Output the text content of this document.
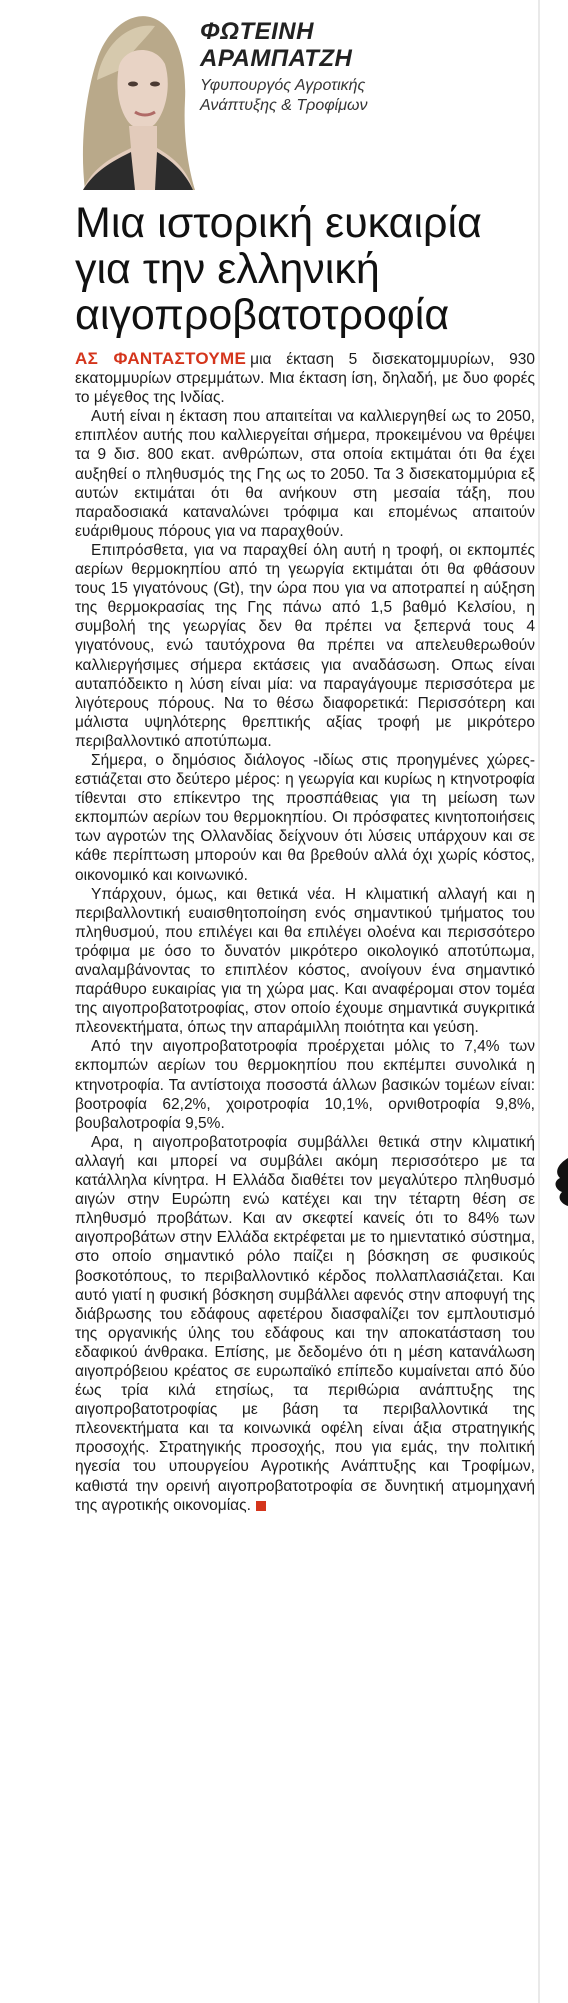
ΦΩΤΕΙΝΗ
ΑΡΑΜΠΑΤΖΗ
Υφυπουργός Αγροτικής
Ανάπτυξης & Τροφίμων
Μια ιστορική ευκαιρία
για την ελληνική
αιγοπροβατοτροφία

ΑΣ ΦΑΝΤΑΣΤΟΥΜΕ μια έκταση 5 δισεκατομμυρίων, 930 εκατομμυρίων στρεμμάτων. Μια έκταση ίση, δηλαδή, με δυο φορές το μέγεθος της Ινδίας.

Αυτή είναι η έκταση που απαιτείται να καλλιεργηθεί ως το 2050, επιπλέον αυτής που καλλιεργείται σήμερα, προκειμένου να θρέψει τα 9 δισ. 800 εκατ. ανθρώπων, στα οποία εκτιμάται ότι θα έχει αυξηθεί ο πληθυσμός της Γης ως το 2050. Τα 3 δισεκατομμύρια εξ αυτών εκτιμάται ότι θα ανήκουν στη μεσαία τάξη, που παραδοσιακά καταναλώνει τρόφιμα και επομένως απαιτούν ευάριθμους πόρους για να παραχθούν.

Επιπρόσθετα, για να παραχθεί όλη αυτή η τροφή, οι εκπομπές αερίων θερμοκηπίου από τη γεωργία εκτιμάται ότι θα φθάσουν τους 15 γιγατόνους (Gt), την ώρα που για να αποτραπεί η αύξηση της θερμοκρασίας της Γης πάνω από 1,5 βαθμό Κελσίου, η συμβολή της γεωργίας δεν θα πρέπει να ξεπερνά τους 4 γιγατόνους, ενώ ταυτόχρονα θα πρέπει να απελευθερωθούν καλλιεργήσιμες σήμερα εκτάσεις για αναδάσωση. Οπως είναι αυταπόδεικτο η λύση είναι μία: να παραγάγουμε περισσότερα με λιγότερους πόρους. Να το θέσω διαφορετικά: Περισσότερη και μάλιστα υψηλότερης θρεπτικής αξίας τροφή με μικρότερο περιβαλλοντικό αποτύπωμα.

Σήμερα, ο δημόσιος διάλογος -ιδίως στις προηγμένες χώρες- εστιάζεται στο δεύτερο μέρος: η γεωργία και κυρίως η κτηνοτροφία τίθενται στο επίκεντρο της προσπάθειας για τη μείωση των εκπομπών αερίων του θερμοκηπίου. Οι πρόσφατες κινητοποιήσεις των αγροτών της Ολλανδίας δείχνουν ότι λύσεις υπάρχουν και σε κάθε περίπτωση μπορούν και θα βρεθούν αλλά όχι χωρίς κόστος, οικονομικό και κοινωνικό.

Υπάρχουν, όμως, και θετικά νέα. Η κλιματική αλλαγή και η περιβαλλοντική ευαισθητοποίηση ενός σημαντικού τμήματος του πληθυσμού, που επιλέγει και θα επιλέγει ολοένα και περισσότερο τρόφιμα με όσο το δυνατόν μικρότερο οικολογικό αποτύπωμα, αναλαμβάνοντας το επιπλέον κόστος, ανοίγουν ένα σημαντικό παράθυρο ευκαιρίας για τη χώρα μας. Και αναφέρομαι στον τομέα της αιγοπροβατοτροφίας, στον οποίο έχουμε σημαντικά συγκριτικά πλεονεκτήματα, όπως την απαράμιλλη ποιότητα και γεύση.

Από την αιγοπροβατοτροφία προέρχεται μόλις το 7,4% των εκπομπών αερίων του θερμοκηπίου που εκπέμπει συνολικά η κτηνοτροφία. Τα αντίστοιχα ποσοστά άλλων βασικών τομέων είναι: βοοτροφία 62,2%, χοιροτροφία 10,1%, ορνιθοτροφία 9,8%, βουβαλοτροφία 9,5%.

Αρα, η αιγοπροβατοτροφία συμβάλλει θετικά στην κλιματική αλλαγή και μπορεί να συμβάλει ακόμη περισσότερο με τα κατάλληλα κίνητρα. Η Ελλάδα διαθέτει τον μεγαλύτερο πληθυσμό αιγών στην Ευρώπη ενώ κατέχει και την τέταρτη θέση σε πληθυσμό προβάτων. Και αν σκεφτεί κανείς ότι το 84% των αιγοπροβάτων στην Ελλάδα εκτρέφεται με το ημιεντατικό σύστημα, στο οποίο σημαντικό ρόλο παίζει η βόσκηση σε φυσικούς βοσκοτόπους, το περιβαλλοντικό κέρδος πολλαπλασιάζεται. Και αυτό γιατί η φυσική βόσκηση συμβάλλει αφενός στην αποφυγή της διάβρωσης του εδάφους αφετέρου διασφαλίζει τον εμπλουτισμό της οργανικής ύλης του εδάφους και την αποκατάσταση του εδαφικού άνθρακα. Επίσης, με δεδομένο ότι η μέση κατανάλωση αιγοπρόβειου κρέατος σε ευρωπαϊκό επίπεδο κυμαίνεται από δύο έως τρία κιλά ετησίως, τα περιθώρια ανάπτυξης της αιγοπροβατοτροφίας με βάση τα περιβαλλοντικά της πλεονεκτήματα και τα κοινωνικά οφέλη είναι άξια στρατηγικής προσοχής. Στρατηγικής προσοχής, που για εμάς, την πολιτική ηγεσία του υπουργείου Αγροτικής Ανάπτυξης και Τροφίμων, καθιστά την ορεινή αιγοπροβατοτροφία σε δυνητική ατμομηχανή της αγροτικής οικονομίας.
